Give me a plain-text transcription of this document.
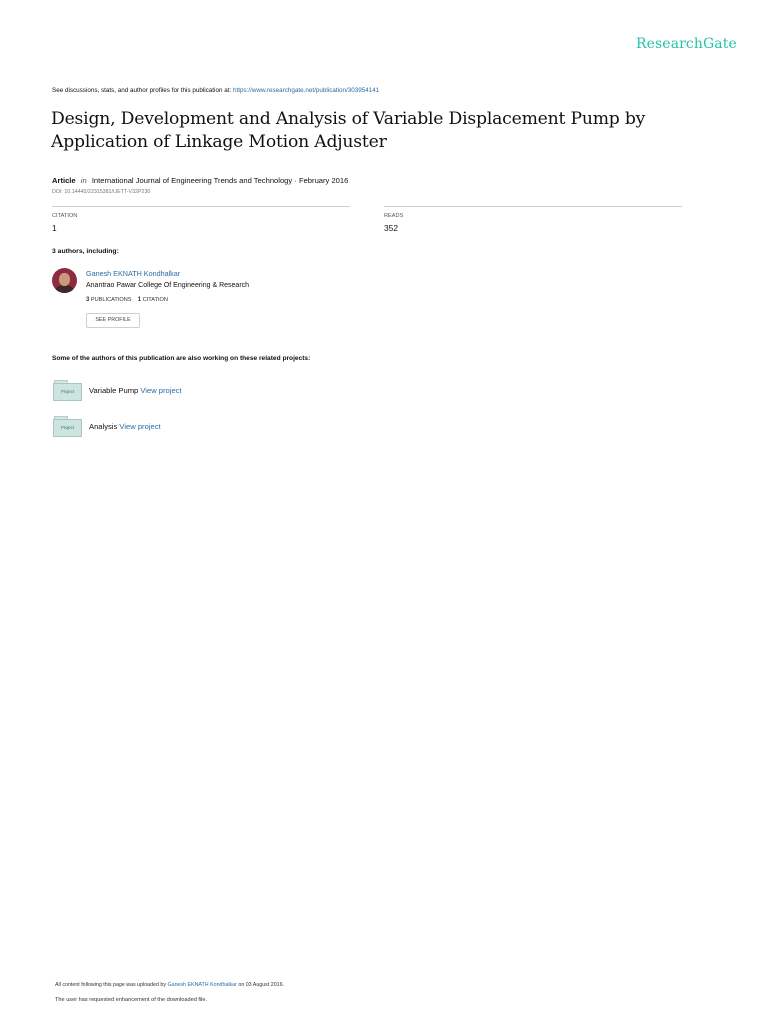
ResearchGate
See discussions, stats, and author profiles for this publication at: https://www.researchgate.net/publication/303954141
Design, Development and Analysis of Variable Displacement Pump by Application of Linkage Motion Adjuster
Article in International Journal of Engineering Trends and Technology · February 2016
DOI: 10.14445/22315381/IJETT-V32P230
CITATION
1
READS
352
3 authors, including:
Ganesh EKNATH Kondhalkar
Anantrao Pawar College Of Engineering & Research
3 PUBLICATIONS 1 CITATION
SEE PROFILE
Some of the authors of this publication are also working on these related projects:
Project	Variable Pump View project
Project	Analysis View project
All content following this page was uploaded by Ganesh EKNATH Kondhalkar on 03 August 2016.
The user has requested enhancement of the downloaded file.
